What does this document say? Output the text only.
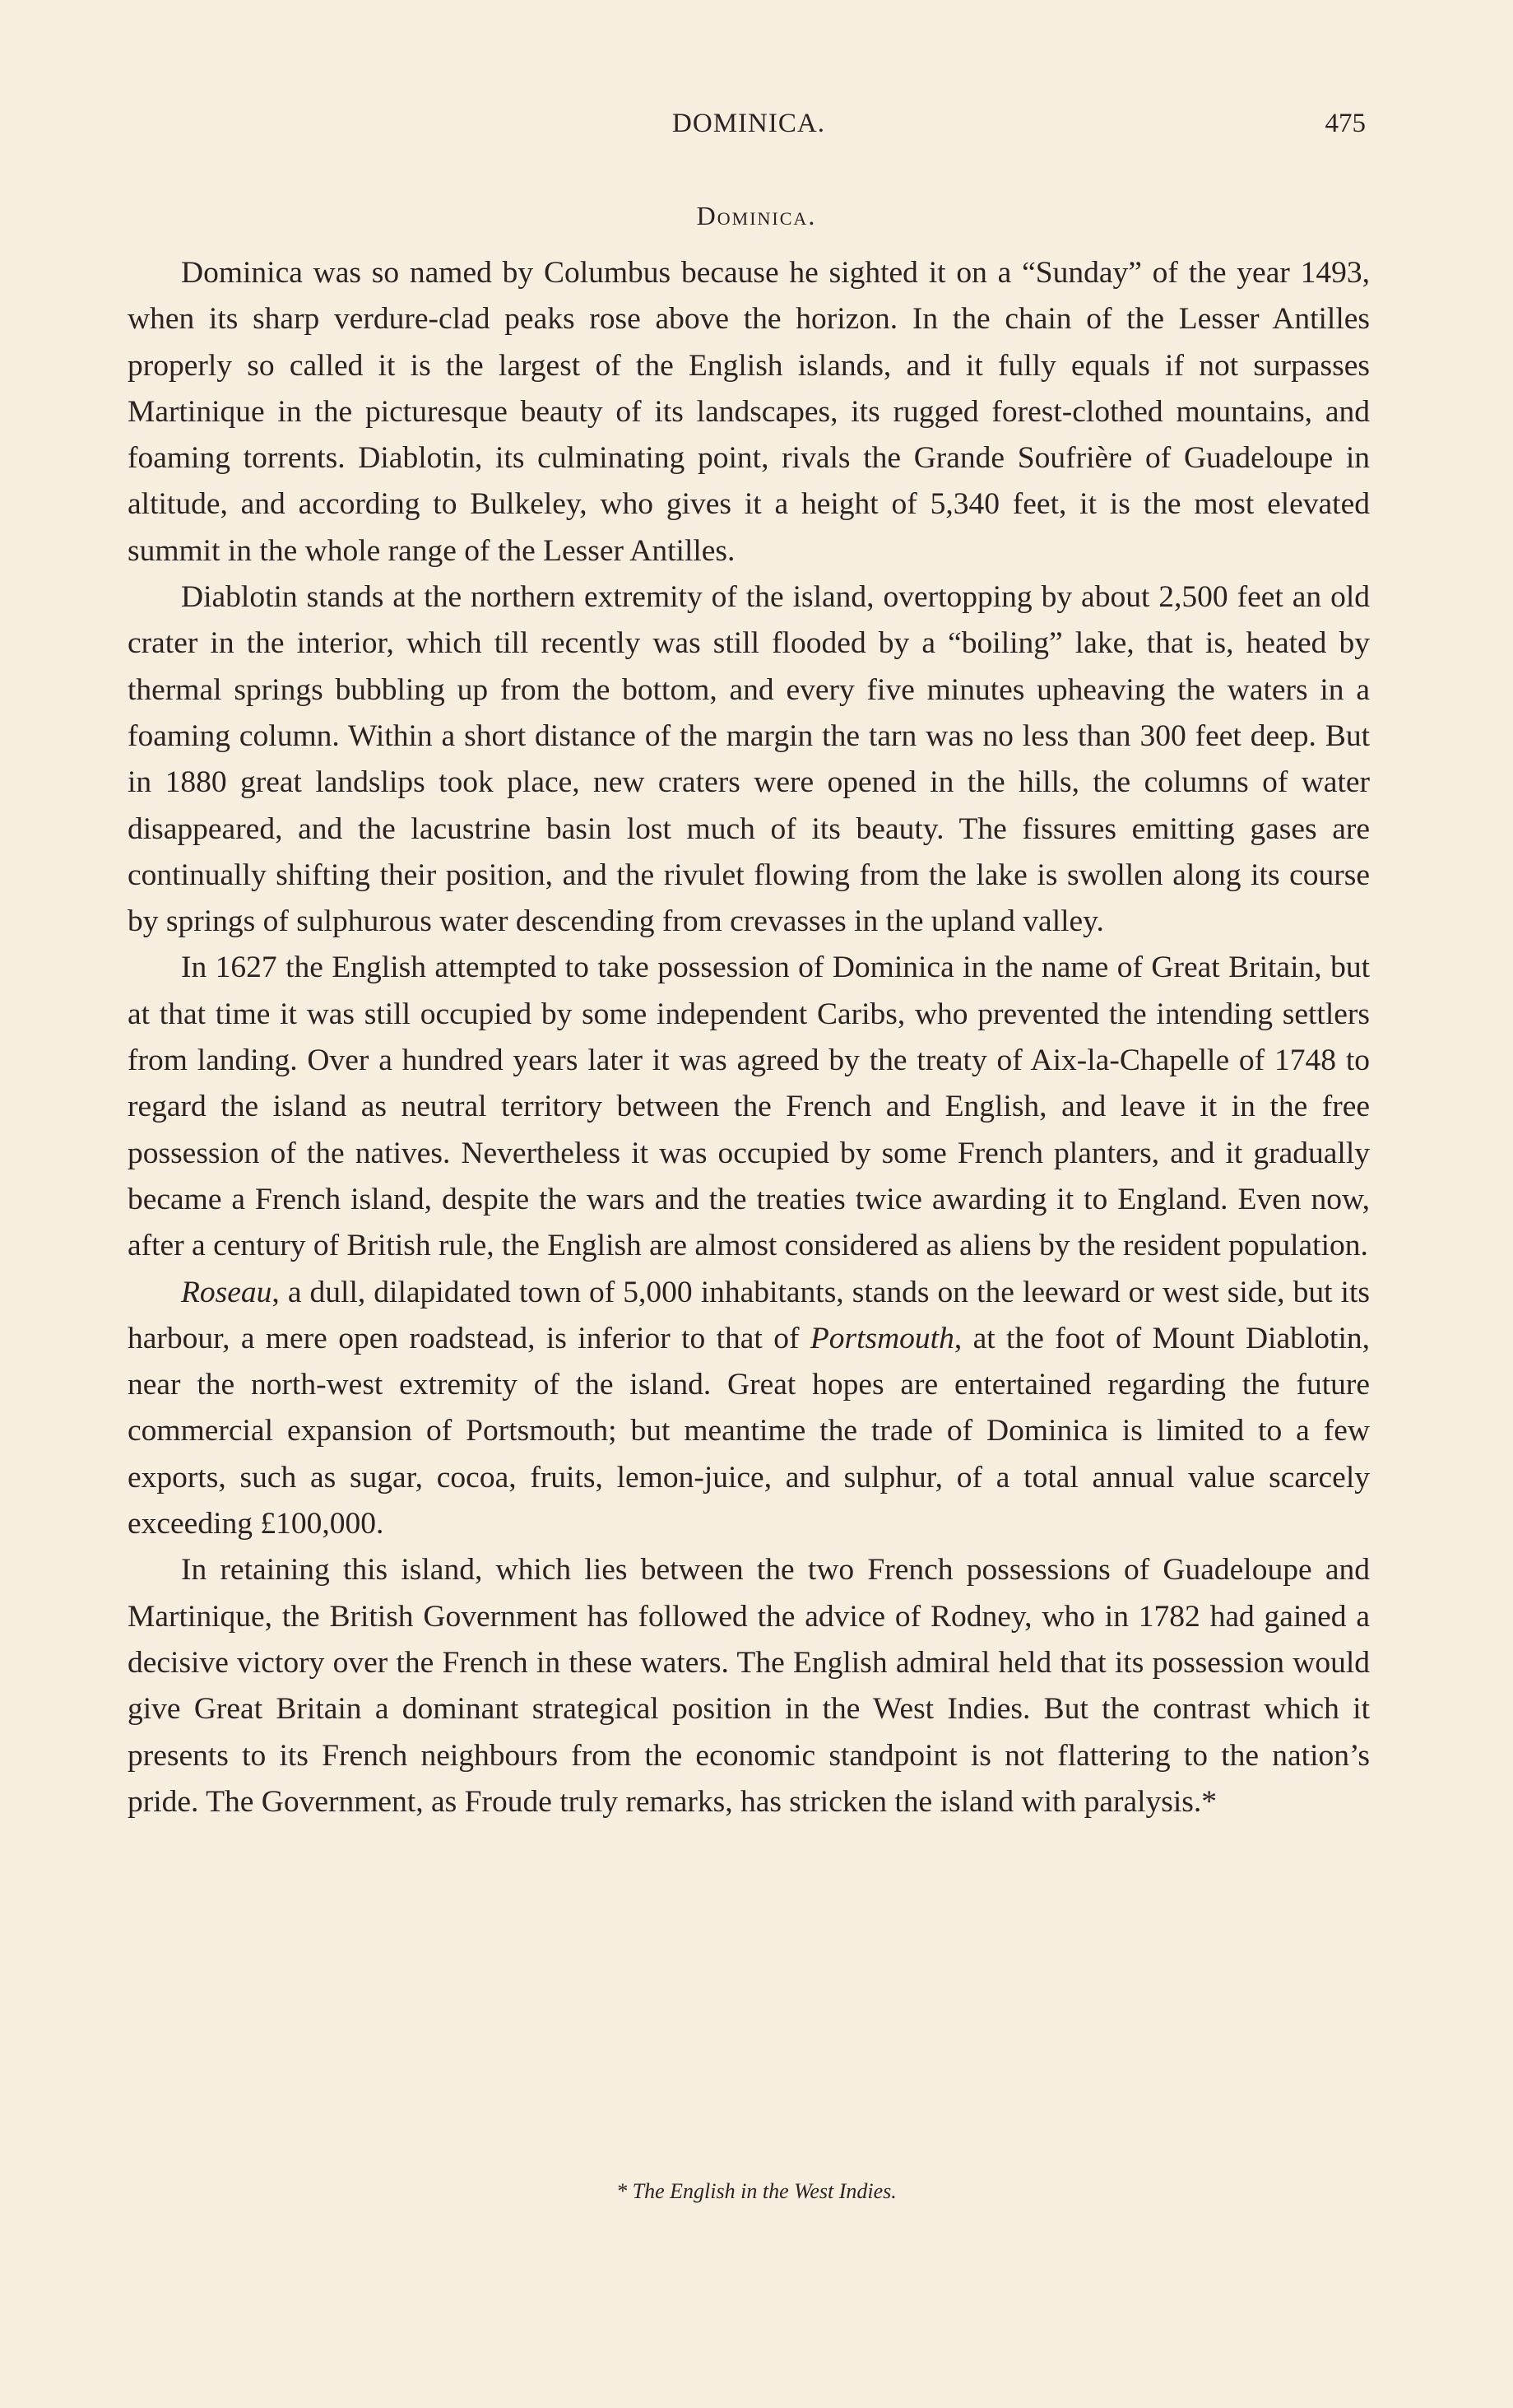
DOMINICA.	475
Dominica.

Dominica was so named by Columbus because he sighted it on a “Sunday” of the year 1493, when its sharp verdure-clad peaks rose above the horizon. In the chain of the Lesser Antilles properly so called it is the largest of the English islands, and it fully equals if not surpasses Martinique in the picturesque beauty of its landscapes, its rugged forest-clothed mountains, and foaming torrents. Diablotin, its culminating point, rivals the Grande Soufrière of Guadeloupe in altitude, and according to Bulkeley, who gives it a height of 5,340 feet, it is the most elevated summit in the whole range of the Lesser Antilles.

Diablotin stands at the northern extremity of the island, overtopping by about 2,500 feet an old crater in the interior, which till recently was still flooded by a “boiling” lake, that is, heated by thermal springs bubbling up from the bottom, and every five minutes upheaving the waters in a foaming column. Within a short distance of the margin the tarn was no less than 300 feet deep. But in 1880 great landslips took place, new craters were opened in the hills, the columns of water disappeared, and the lacustrine basin lost much of its beauty. The fissures emitting gases are continually shifting their position, and the rivulet flowing from the lake is swollen along its course by springs of sulphurous water descending from crevasses in the upland valley.

In 1627 the English attempted to take possession of Dominica in the name of Great Britain, but at that time it was still occupied by some independent Caribs, who prevented the intending settlers from landing. Over a hundred years later it was agreed by the treaty of Aix-la-Chapelle of 1748 to regard the island as neutral territory between the French and English, and leave it in the free possession of the natives. Nevertheless it was occupied by some French planters, and it gradually became a French island, despite the wars and the treaties twice awarding it to England. Even now, after a century of British rule, the English are almost considered as aliens by the resident population.

Roseau, a dull, dilapidated town of 5,000 inhabitants, stands on the leeward or west side, but its harbour, a mere open roadstead, is inferior to that of Portsmouth, at the foot of Mount Diablotin, near the north-west extremity of the island. Great hopes are entertained regarding the future commercial expansion of Portsmouth; but meantime the trade of Dominica is limited to a few exports, such as sugar, cocoa, fruits, lemon-juice, and sulphur, of a total annual value scarcely exceeding £100,000.

In retaining this island, which lies between the two French possessions of Guadeloupe and Martinique, the British Government has followed the advice of Rodney, who in 1782 had gained a decisive victory over the French in these waters. The English admiral held that its possession would give Great Britain a dominant strategical position in the West Indies. But the contrast which it presents to its French neighbours from the economic standpoint is not flattering to the nation’s pride. The Government, as Froude truly remarks, has stricken the island with paralysis.*

* The English in the West Indies.
